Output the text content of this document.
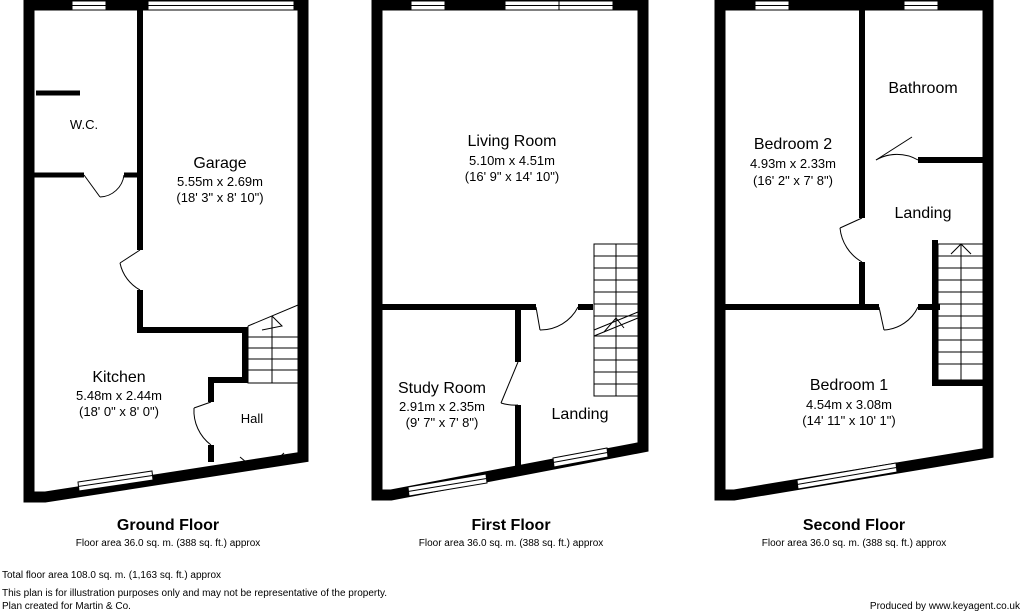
W.C.
Garage
5.55m x 2.69m
(18' 3" x 8' 10")
Kitchen
5.48m x 2.44m
(18' 0" x 8' 0")	Hall
Living Room
5.10m x 4.51m
(16' 9" x 14' 10")
Study Room
2.91m x 2.35m
(9' 7" x 7' 8")	Landing
Bedroom 2
4.93m x 2.33m
(16' 2" x 7' 8")
Bathroom
Landing
Bedroom 1
4.54m x 3.08m
(14' 11" x 10' 1")
Ground Floor
Floor area 36.0 sq. m. (388 sq. ft.) approx
First Floor
Floor area 36.0 sq. m. (388 sq. ft.) approx
Second Floor
Floor area 36.0 sq. m. (388 sq. ft.) approx
Total floor area 108.0 sq. m. (1,163 sq. ft.) approx
This plan is for illustration purposes only and may not be representative of the property.
Plan created for Martin & Co.	Produced by www.keyagent.co.uk
